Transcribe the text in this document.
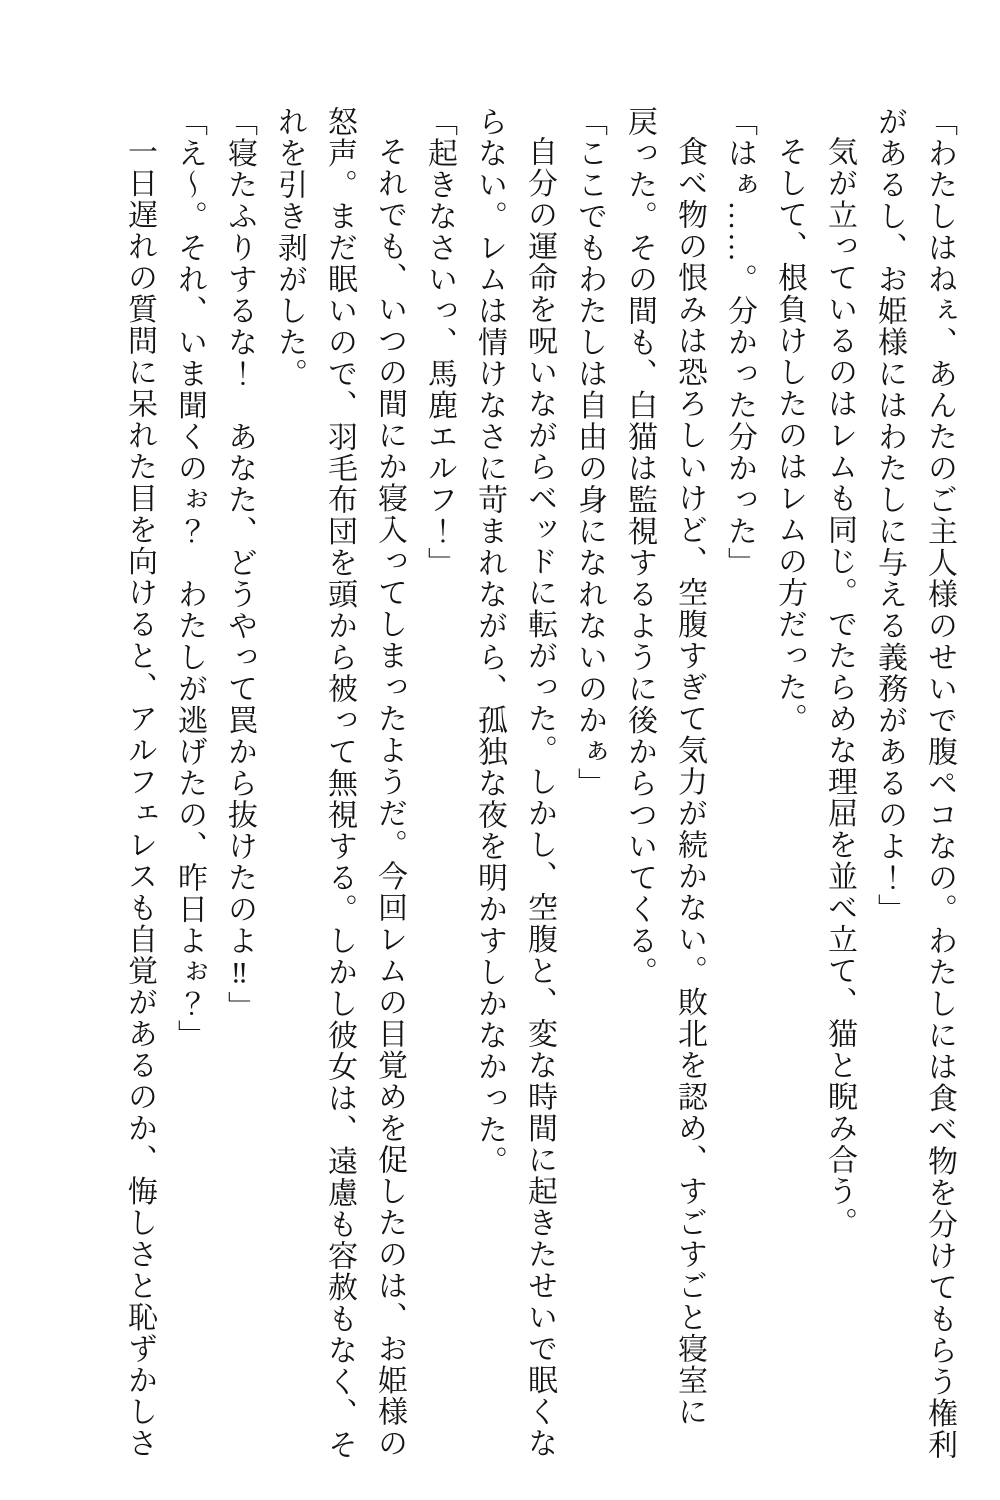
「わたしはねぇ、あんたのご主人様のせいで腹ペコなの。わたしには食べ物を分けてもらう権利

があるし、お姫様にはわたしに与える義務があるのよ！」

気が立っているのはレムも同じ。でたらめな理屈を並べ立て、猫と睨み合う。

そして、根負けしたのはレムの方だった。

「はぁ……。分かった分かった」

食べ物の恨みは恐ろしいけど、空腹すぎて気力が続かない。敗北を認め、すごすごと寝室に

戻った。その間も、白猫は監視するように後からついてくる。

「ここでもわたしは自由の身になれないのかぁ」

自分の運命を呪いながらベッドに転がった。しかし、空腹と、変な時間に起きたせいで眠くな

らない。レムは情けなさに苛まれながら、孤独な夜を明かすしかなかった。

「起きなさいっ、馬鹿エルフ！」

それでも、いつの間にか寝入ってしまったようだ。今回レムの目覚めを促したのは、お姫様の

怒声。まだ眠いので、羽毛布団を頭から被って無視する。しかし彼女は、遠慮も容赦もなく、そ

れを引き剥がした。

「寝たふりするな！　あなた、どうやって罠から抜けたのよ‼」

「え～。それ、いま聞くのぉ？　わたしが逃げたの、昨日よぉ？」

一日遅れの質問に呆れた目を向けると、アルフェレスも自覚があるのか、悔しさと恥ずかしさ
